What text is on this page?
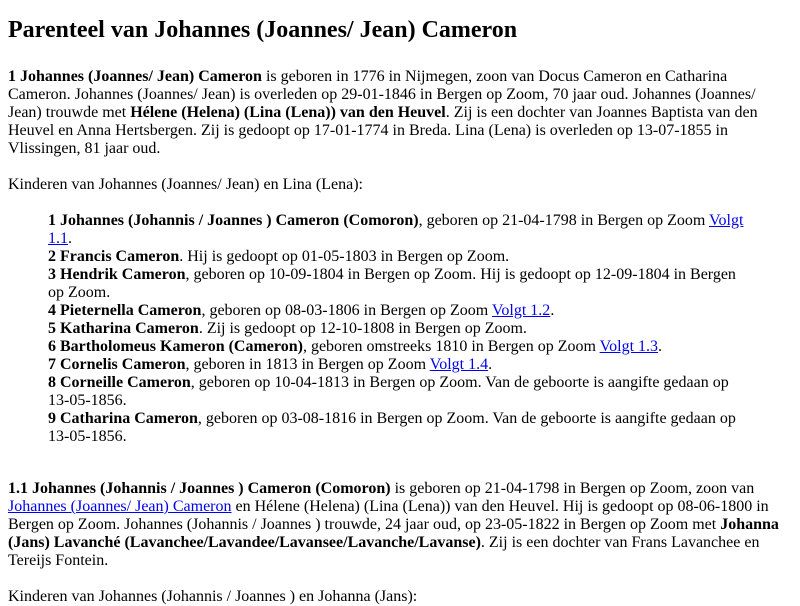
Parenteel van Johannes (Joannes/ Jean) Cameron

1 Johannes (Joannes/ Jean) Cameron is geboren in 1776 in Nijmegen, zoon van Docus Cameron en Catharina Cameron. Johannes (Joannes/ Jean) is overleden op 29-01-1846 in Bergen op Zoom, 70 jaar oud. Johannes (Joannes/ Jean) trouwde met Hélene (Helena) (Lina (Lena)) van den Heuvel. Zij is een dochter van Joannes Baptista van den Heuvel en Anna Hertsbergen. Zij is gedoopt op 17-01-1774 in Breda. Lina (Lena) is overleden op 13-07-1855 in Vlissingen, 81 jaar oud.

Kinderen van Johannes (Joannes/ Jean) en Lina (Lena):

1 Johannes (Johannis / Joannes ) Cameron (Comoron), geboren op 21-04-1798 in Bergen op Zoom Volgt 1.1.
2 Francis Cameron. Hij is gedoopt op 01-05-1803 in Bergen op Zoom.
3 Hendrik Cameron, geboren op 10-09-1804 in Bergen op Zoom. Hij is gedoopt op 12-09-1804 in Bergen op Zoom.
4 Pieternella Cameron, geboren op 08-03-1806 in Bergen op Zoom Volgt 1.2.
5 Katharina Cameron. Zij is gedoopt op 12-10-1808 in Bergen op Zoom.
6 Bartholomeus Kameron (Cameron), geboren omstreeks 1810 in Bergen op Zoom Volgt 1.3.
7 Cornelis Cameron, geboren in 1813 in Bergen op Zoom Volgt 1.4.
8 Corneille Cameron, geboren op 10-04-1813 in Bergen op Zoom. Van de geboorte is aangifte gedaan op 13-05-1856.
9 Catharina Cameron, geboren op 03-08-1816 in Bergen op Zoom. Van de geboorte is aangifte gedaan op 13-05-1856.

1.1 Johannes (Johannis / Joannes ) Cameron (Comoron) is geboren op 21-04-1798 in Bergen op Zoom, zoon van Johannes (Joannes/ Jean) Cameron en Hélene (Helena) (Lina (Lena)) van den Heuvel. Hij is gedoopt op 08-06-1800 in Bergen op Zoom. Johannes (Johannis / Joannes ) trouwde, 24 jaar oud, op 23-05-1822 in Bergen op Zoom met Johanna (Jans) Lavanché (Lavanchee/Lavandee/Lavansee/Lavanche/Lavanse). Zij is een dochter van Frans Lavanchee en Tereijs Fontein.

Kinderen van Johannes (Johannis / Joannes ) en Johanna (Jans):
